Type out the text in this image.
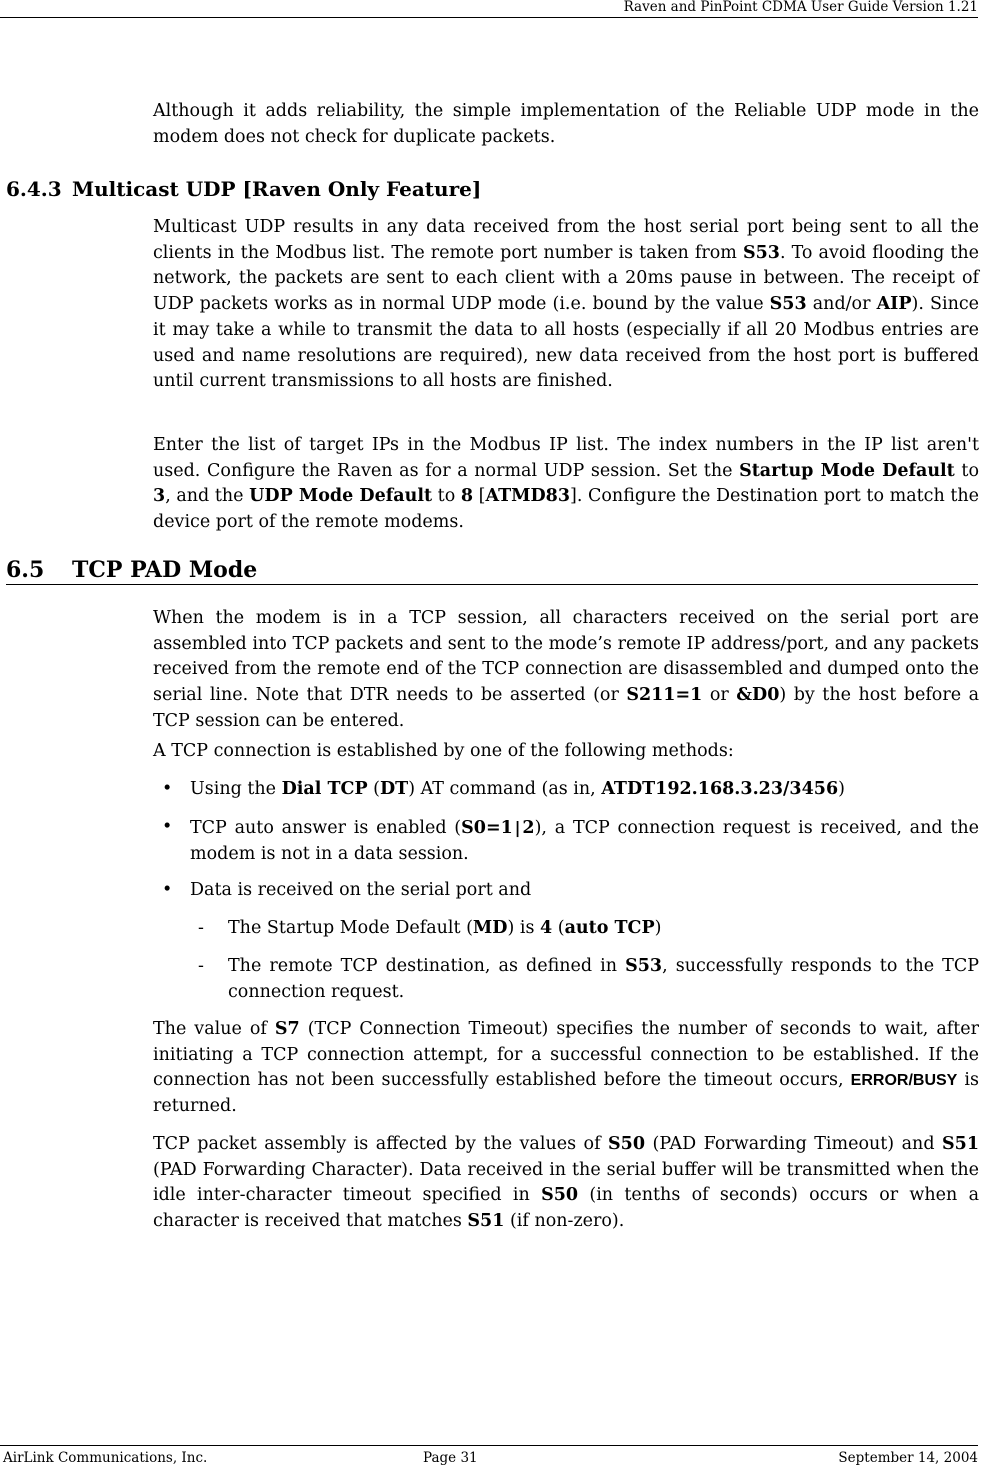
Raven and PinPoint CDMA User Guide Version 1.21

Although it adds reliability, the simple implementation of the Reliable UDP mode in the modem does not check for duplicate packets.

6.4.3 Multicast UDP [Raven Only Feature]

Multicast UDP results in any data received from the host serial port being sent to all the clients in the Modbus list. The remote port number is taken from S53. To avoid flooding the network, the packets are sent to each client with a 20ms pause in between. The receipt of UDP packets works as in normal UDP mode (i.e. bound by the value S53 and/or AIP). Since it may take a while to transmit the data to all hosts (especially if all 20 Modbus entries are used and name resolutions are required), new data received from the host port is buffered until current transmissions to all hosts are finished.

Enter the list of target IPs in the Modbus IP list. The index numbers in the IP list aren't used. Configure the Raven as for a normal UDP session. Set the Startup Mode Default to 3, and the UDP Mode Default to 8 [ATMD83]. Configure the Destination port to match the device port of the remote modems.

6.5 TCP PAD Mode

When the modem is in a TCP session, all characters received on the serial port are assembled into TCP packets and sent to the mode’s remote IP address/port, and any packets received from the remote end of the TCP connection are disassembled and dumped onto the serial line. Note that DTR needs to be asserted (or S211=1 or &D0) by the host before a TCP session can be entered.

A TCP connection is established by one of the following methods:

• Using the Dial TCP (DT) AT command (as in, ATDT192.168.3.23/3456)
• TCP auto answer is enabled (S0=1|2), a TCP connection request is received, and the modem is not in a data session.
• Data is received on the serial port and
- The Startup Mode Default (MD) is 4 (auto TCP)
- The remote TCP destination, as defined in S53, successfully responds to the TCP connection request.

The value of S7 (TCP Connection Timeout) specifies the number of seconds to wait, after initiating a TCP connection attempt, for a successful connection to be established. If the connection has not been successfully established before the timeout occurs, ERROR/BUSY is returned.

TCP packet assembly is affected by the values of S50 (PAD Forwarding Timeout) and S51 (PAD Forwarding Character). Data received in the serial buffer will be transmitted when the idle inter-character timeout specified in S50 (in tenths of seconds) occurs or when a character is received that matches S51 (if non-zero).

AirLink Communications, Inc.	Page 31	September 14, 2004
